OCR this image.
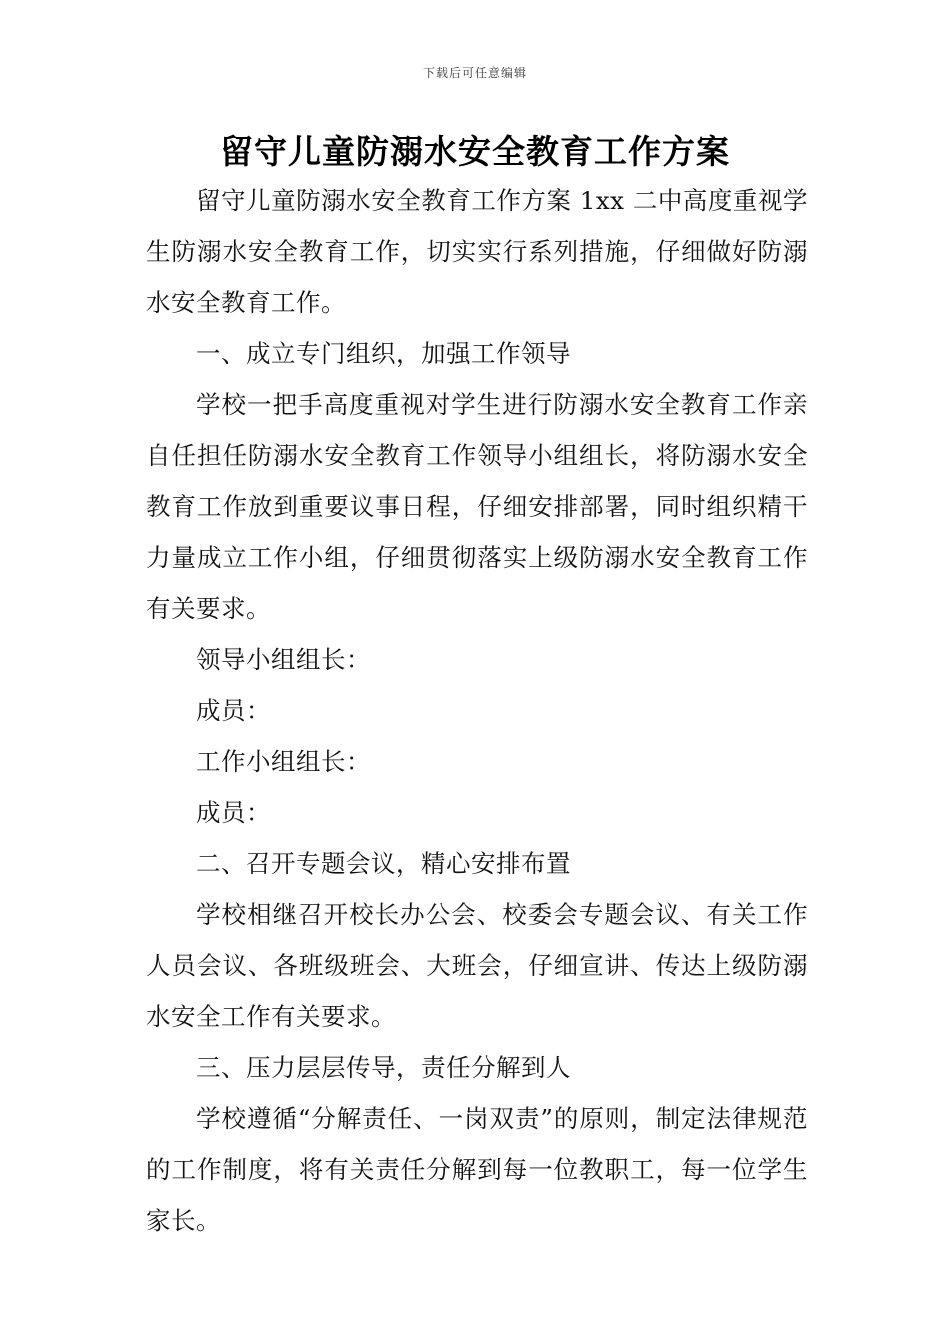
下载后可任意编辑
留守儿童防溺水安全教育工作方案

留守儿童防溺水安全教育工作方案 1xx 二中高度重视学生防溺水安全教育工作，切实实行系列措施，仔细做好防溺水安全教育工作。

一、成立专门组织，加强工作领导

学校一把手高度重视对学生进行防溺水安全教育工作亲自任担任防溺水安全教育工作领导小组组长，将防溺水安全教育工作放到重要议事日程，仔细安排部署，同时组织精干力量成立工作小组，仔细贯彻落实上级防溺水安全教育工作有关要求。

领导小组组长：

成员：

工作小组组长：

成员：

二、召开专题会议，精心安排布置

学校相继召开校长办公会、校委会专题会议、有关工作人员会议、各班级班会、大班会，仔细宣讲、传达上级防溺水安全工作有关要求。

三、压力层层传导，责任分解到人

学校遵循“分解责任、一岗双责”的原则，制定法律规范的工作制度，将有关责任分解到每一位教职工，每一位学生家长。
